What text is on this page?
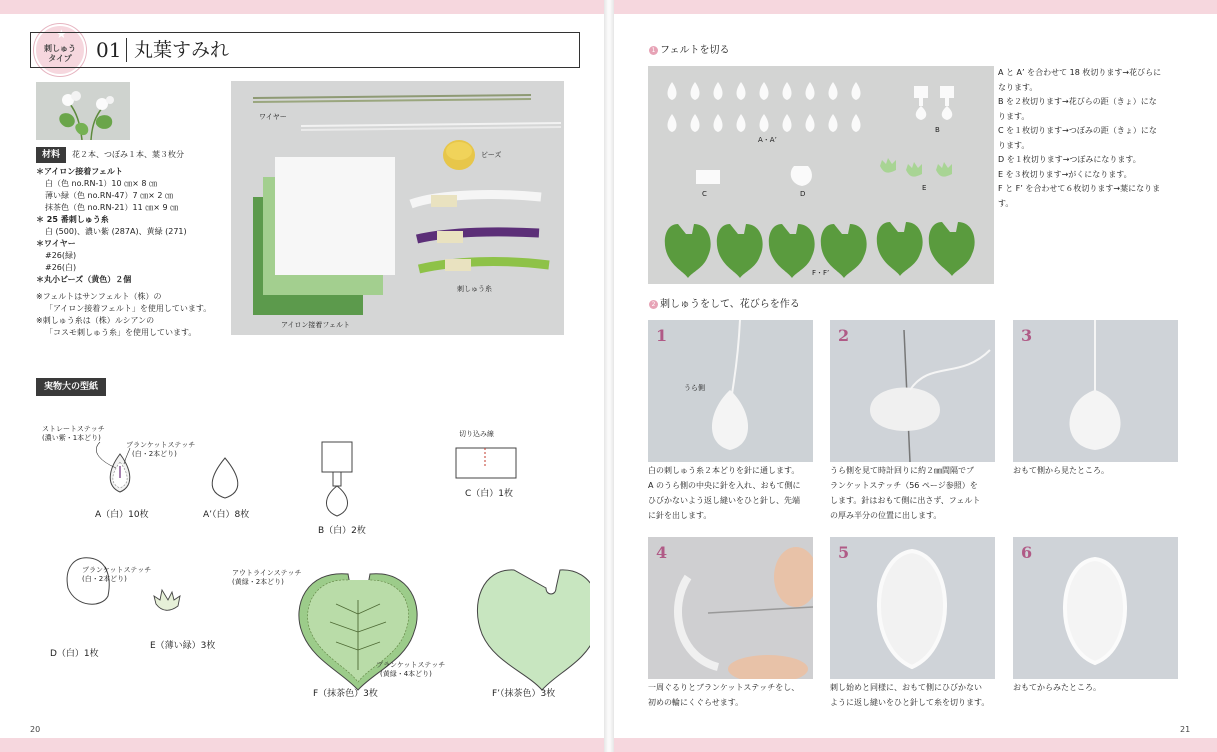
★
刺しゅう
タイプ	01 丸葉すみれ
材料	花２本、つぼみ１本、葉３枚分
＊アイロン接着フェルト
白（色 no.RN-1）10 ㎝× 8 ㎝
薄い緑（色 no.RN-47）7 ㎝× 2 ㎝
抹茶色（色 no.RN-21）11 ㎝× 9 ㎝
＊ 25 番刺しゅう糸
白 (500)、濃い紫 (287A)、黄緑 (271)
＊ワイヤー
#26(緑)
#26(白)
＊丸小ビーズ（黄色）２個
※フェルトはサンフェルト（株）の
「アイロン接着フェルト」を使用しています。
※刺しゅう糸は（株）ルシアンの
「コスモ刺しゅう糸」を使用しています。
ワイヤー
ビーズ
刺しゅう糸
アイロン接着フェルト
実物大の型紙
ストレートステッチ
(濃い紫・1本どり)
ブランケットステッチ
(白・2本どり)
A（白）10枚	A’（白）8枚
B（白）2枚
切り込み線
C（白）1枚
ブランケットステッチ
(白・2本どり)
D（白）1枚
E（薄い緑）3枚
アウトラインステッチ
(黄緑・2本どり)
ブランケットステッチ
(黄緑・4本どり)
F（抹茶色）3枚	F’（抹茶色）3枚
20
1 フェルトを切る
A・A’
B
C	D
E
F・F’
A と A’ を合わせて 18 枚切ります→花びらに
なります。
B を２枚切ります→花びらの距（きょ）にな
ります。
C を１枚切ります→つぼみの距（きょ）にな
ります。
D を１枚切ります→つぼみになります。
E を３枚切ります→がくになります。
F と F’ を合わせて６枚切ります→葉になりま
す。
2 刺しゅうをして、花びらを作る
1
うら側
2	3
白の刺しゅう糸２本どりを針に通します。
A のうら側の中央に針を入れ、おもて側に
ひびかないよう返し縫いをひと針し、先端
に針を出します。
うら側を見て時計回りに約２㎜間隔でブ
ランケットステッチ（56 ページ参照）を
します。針はおもて側に出さず、フェルト
の厚み半分の位置に出します。
おもて側から見たところ。
4	5	6
一周ぐるりとブランケットステッチをし、
初めの輪にくぐらせます。
刺し始めと同様に、おもて側にひびかない
ように返し縫いをひと針して糸を切ります。
おもてからみたところ。
21
